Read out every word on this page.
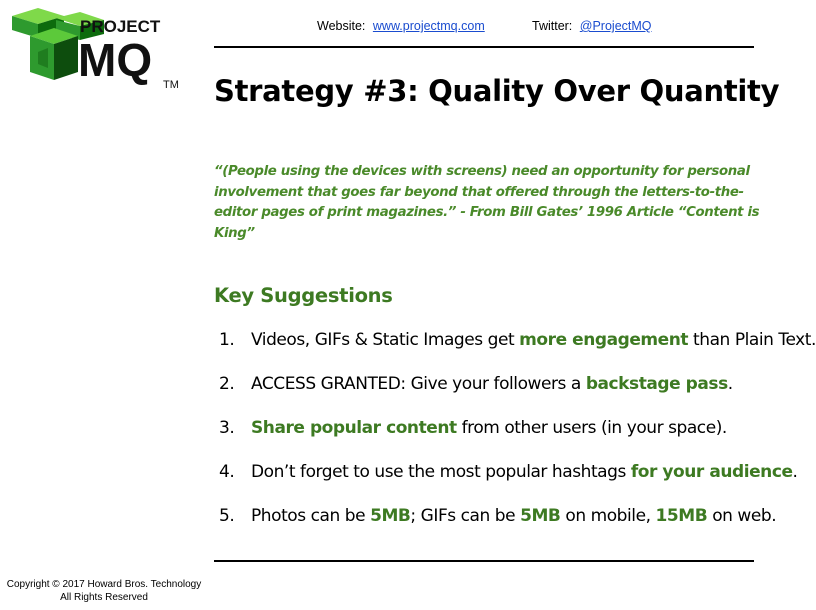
PROJECT
MQ TM
Website: www.projectmq.com	Twitter: @ProjectMQ
Strategy #3: Quality Over Quantity

“(People using the devices with screens) need an opportunity for personal involvement that goes far beyond that offered through the letters-to-the-editor pages of print magazines.” - From Bill Gates’ 1996 Article “Content is King”

Key Suggestions
1. Videos, GIFs & Static Images get more engagement than Plain Text.
2. ACCESS GRANTED: Give your followers a backstage pass.
3. Share popular content from other users (in your space).
4. Don’t forget to use the most popular hashtags for your audience.
5. Photos can be 5MB; GIFs can be 5MB on mobile, 15MB on web.
Copyright © 2017 Howard Bros. Technology
All Rights Reserved
